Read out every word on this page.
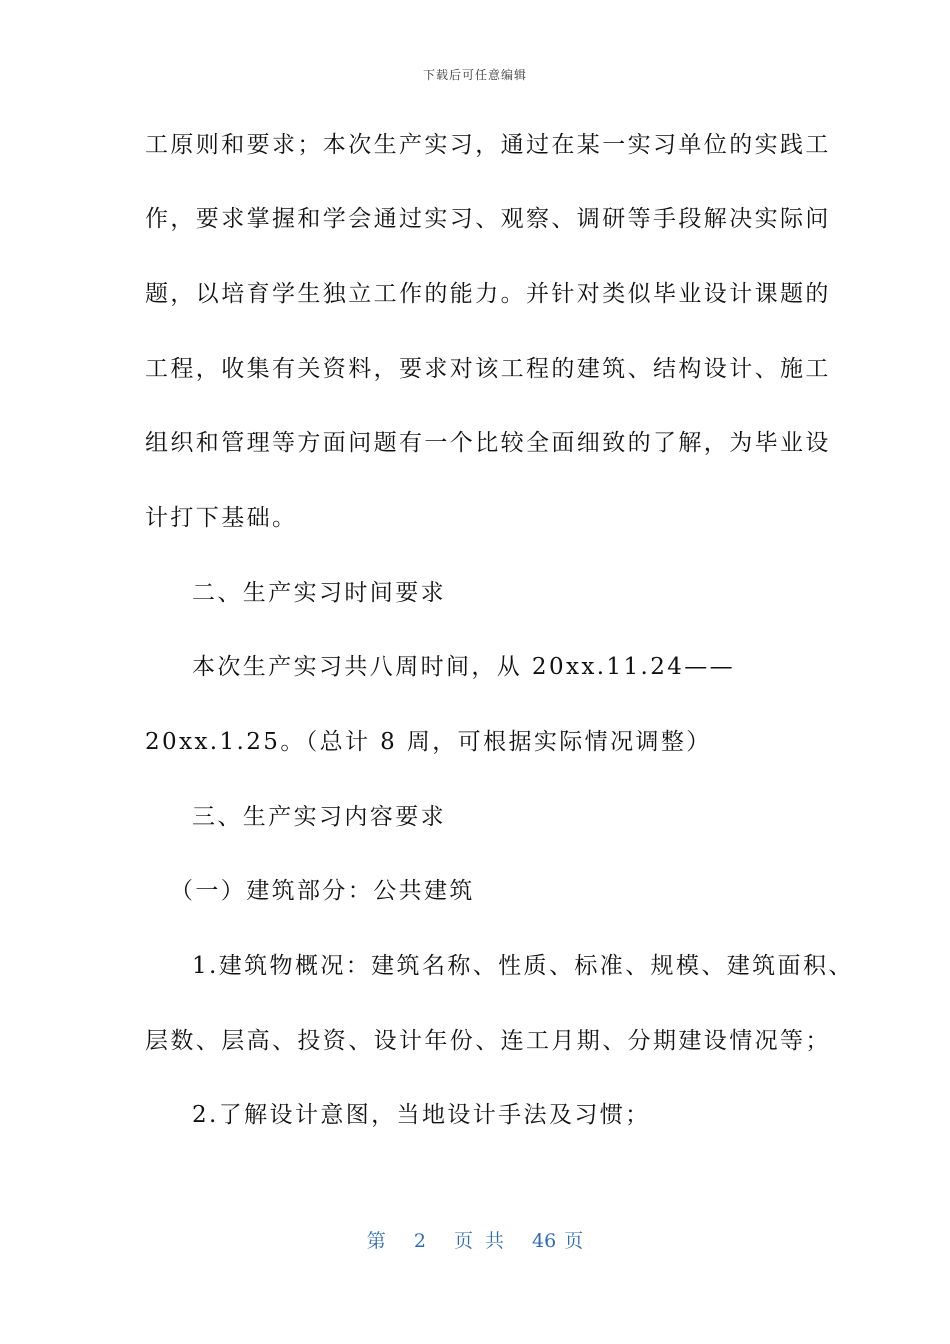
下载后可任意编辑
工原则和要求；本次生产实习，通过在某一实习单位的实践工
作，要求掌握和学会通过实习、观察、调研等手段解决实际问
题，以培育学生独立工作的能力。并针对类似毕业设计课题的
工程，收集有关资料，要求对该工程的建筑、结构设计、施工
组织和管理等方面问题有一个比较全面细致的了解，为毕业设
计打下基础。
二、生产实习时间要求
本次生产实习共八周时间，从 20xx.11.24——
20xx.1.25。（总计 8 周，可根据实际情况调整）
三、生产实习内容要求
（一）建筑部分：公共建筑
1.建筑物概况：建筑名称、性质、标准、规模、建筑面积、
层数、层高、投资、设计年份、连工月期、分期建设情况等；
2.了解设计意图，当地设计手法及习惯；
第 2 页 共 46 页
